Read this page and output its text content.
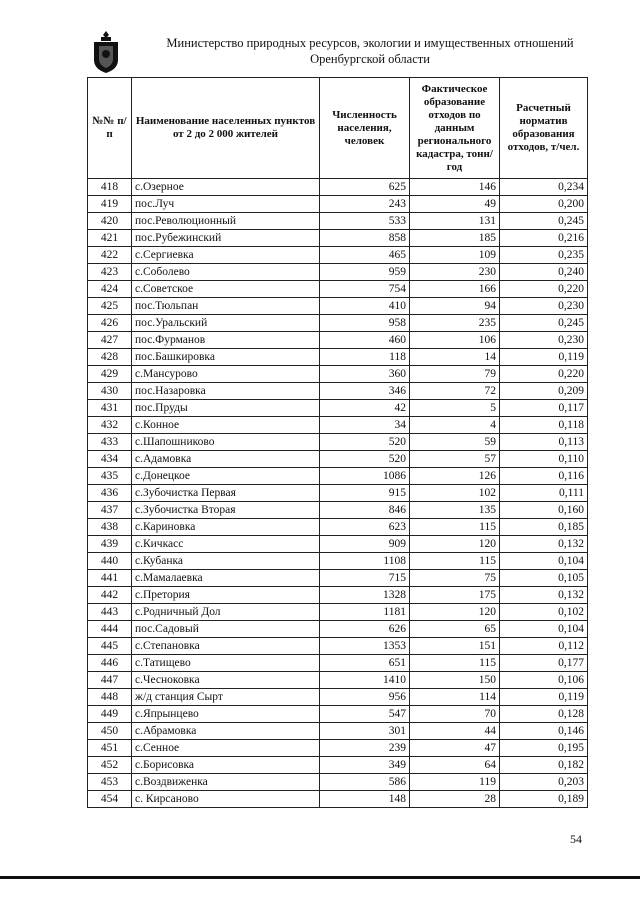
Министерство природных ресурсов, экологии и имущественных отношений
Оренбургской области
№№ п/п	Наименование населенных пунктов от 2 до 2 000 жителей	Численность населения, человек	Фактическое образование отходов по данным регионального кадастра, тонн/год	Расчетный норматив образования отходов, т/чел.
418	с.Озерное	625	146	0,234
419	пос.Луч	243	49	0,200
420	пос.Революционный	533	131	0,245
421	пос.Рубежинский	858	185	0,216
422	с.Сергиевка	465	109	0,235
423	с.Соболево	959	230	0,240
424	с.Советское	754	166	0,220
425	пос.Тюльпан	410	94	0,230
426	пос.Уральский	958	235	0,245
427	пос.Фурманов	460	106	0,230
428	пос.Башкировка	118	14	0,119
429	с.Мансурово	360	79	0,220
430	пос.Назаровка	346	72	0,209
431	пос.Пруды	42	5	0,117
432	с.Конное	34	4	0,118
433	с.Шапошниково	520	59	0,113
434	с.Адамовка	520	57	0,110
435	с.Донецкое	1086	126	0,116
436	с.Зубочистка Первая	915	102	0,111
437	с.Зубочистка Вторая	846	135	0,160
438	с.Кариновка	623	115	0,185
439	с.Кичкасс	909	120	0,132
440	с.Кубанка	1108	115	0,104
441	с.Мамалаевка	715	75	0,105
442	с.Претория	1328	175	0,132
443	с.Родничный Дол	1181	120	0,102
444	пос.Садовый	626	65	0,104
445	с.Степановка	1353	151	0,112
446	с.Татищево	651	115	0,177
447	с.Чесноковка	1410	150	0,106
448	ж/д станция Сырт	956	114	0,119
449	с.Япрынцево	547	70	0,128
450	с.Абрамовка	301	44	0,146
451	с.Сеннoe	239	47	0,195
452	с.Борисовка	349	64	0,182
453	с.Воздвиженка	586	119	0,203
454	с. Кирсаново	148	28	0,189
54
